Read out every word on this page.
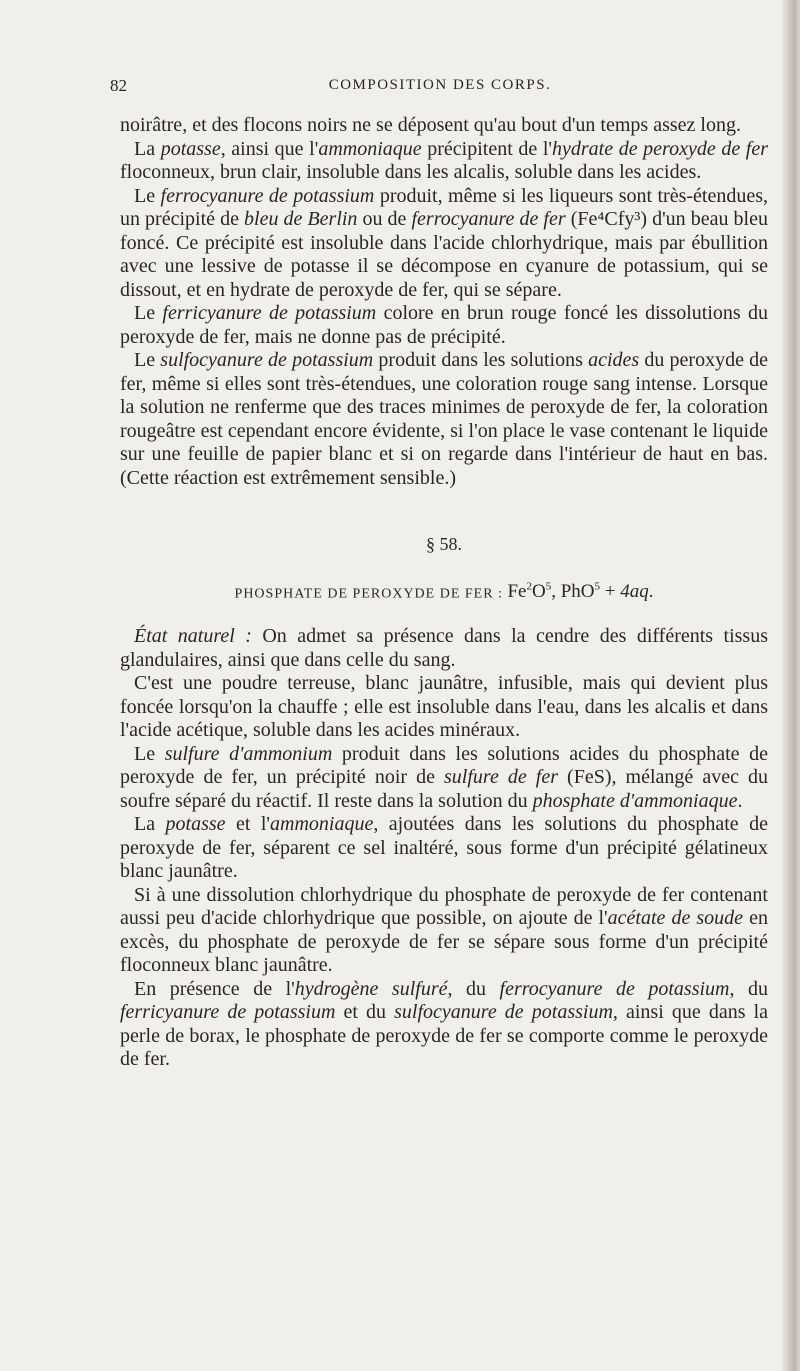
82	COMPOSITION DES CORPS.

noirâtre, et des flocons noirs ne se déposent qu'au bout d'un temps assez long.

La potasse, ainsi que l'ammoniaque précipitent de l'hydrate de peroxyde de fer floconneux, brun clair, insoluble dans les alcalis, soluble dans les acides.

Le ferrocyanure de potassium produit, même si les liqueurs sont très-étendues, un précipité de bleu de Berlin ou de ferrocyanure de fer (Fe⁴Cfy³) d'un beau bleu foncé. Ce précipité est insoluble dans l'acide chlorhydrique, mais par ébullition avec une lessive de potasse il se décompose en cyanure de potassium, qui se dissout, et en hydrate de peroxyde de fer, qui se sépare.

Le ferricyanure de potassium colore en brun rouge foncé les dissolutions du peroxyde de fer, mais ne donne pas de précipité.

Le sulfocyanure de potassium produit dans les solutions acides du peroxyde de fer, même si elles sont très-étendues, une coloration rouge sang intense. Lorsque la solution ne renferme que des traces minimes de peroxyde de fer, la coloration rougeâtre est cependant encore évidente, si l'on place le vase contenant le liquide sur une feuille de papier blanc et si on regarde dans l'intérieur de haut en bas. (Cette réaction est extrêmement sensible.)

§ 58.
PHOSPHATE DE PEROXYDE DE FER : $Fe^2O^5$, PhO$^5$ + 4aq.

État naturel : On admet sa présence dans la cendre des différents tissus glandulaires, ainsi que dans celle du sang.

C'est une poudre terreuse, blanc jaunâtre, infusible, mais qui devient plus foncée lorsqu'on la chauffe ; elle est insoluble dans l'eau, dans les alcalis et dans l'acide acétique, soluble dans les acides minéraux.

Le sulfure d'ammonium produit dans les solutions acides du phosphate de peroxyde de fer, un précipité noir de sulfure de fer (FeS), mélangé avec du soufre séparé du réactif. Il reste dans la solution du phosphate d'ammoniaque.

La potasse et l'ammoniaque, ajoutées dans les solutions du phosphate de peroxyde de fer, séparent ce sel inaltéré, sous forme d'un précipité gélatineux blanc jaunâtre.

Si à une dissolution chlorhydrique du phosphate de peroxyde de fer contenant aussi peu d'acide chlorhydrique que possible, on ajoute de l'acétate de soude en excès, du phosphate de peroxyde de fer se sépare sous forme d'un précipité floconneux blanc jaunâtre.

En présence de l'hydrogène sulfuré, du ferrocyanure de potassium, du ferricyanure de potassium et du sulfocyanure de potassium, ainsi que dans la perle de borax, le phosphate de peroxyde de fer se comporte comme le peroxyde de fer.
